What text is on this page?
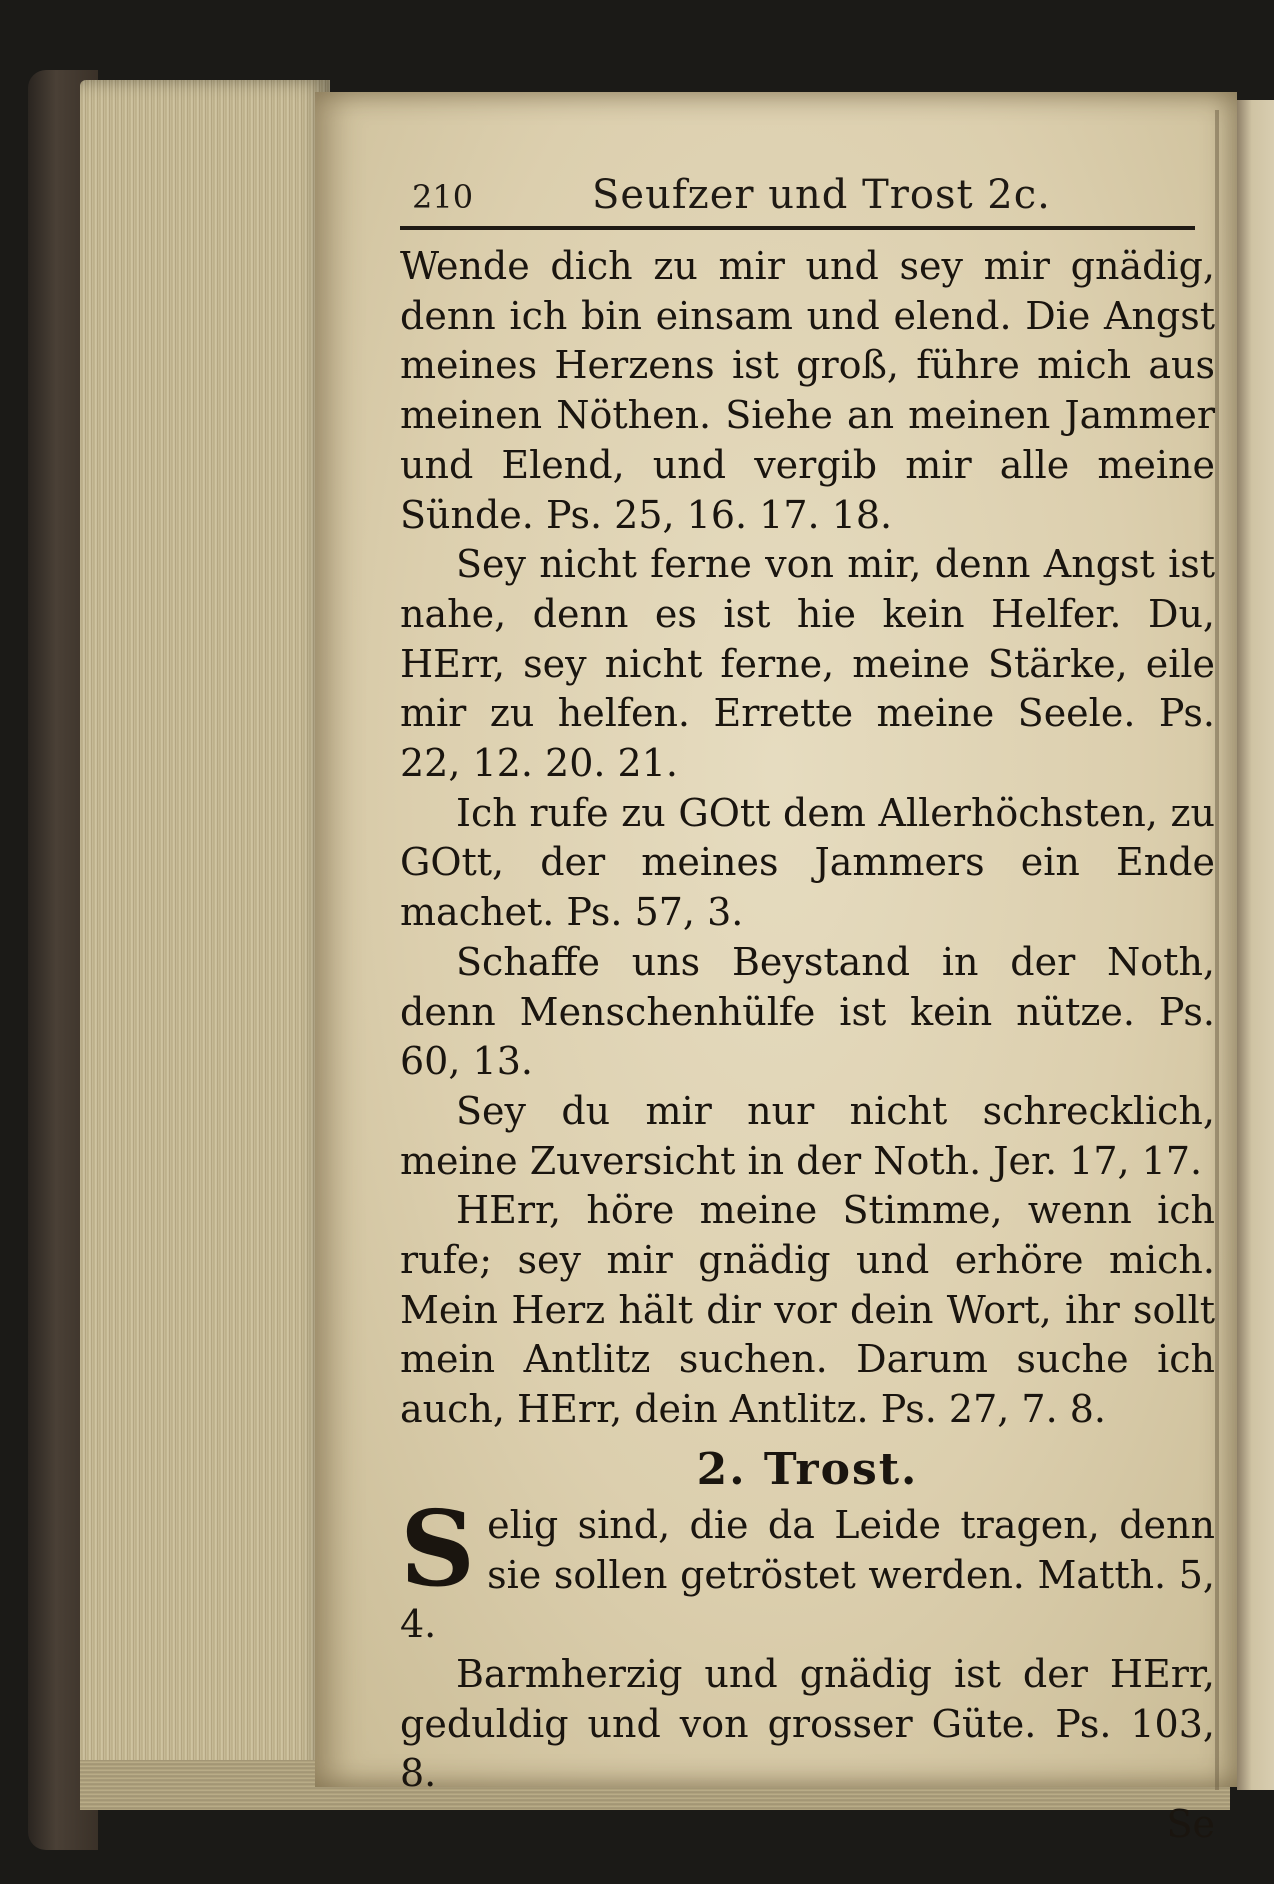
210	Seufzer und Trost 2c.

Wende dich zu mir und sey mir gnädig, denn ich bin einsam und elend. Die Angst meines Herzens ist groß, führe mich aus meinen Nöthen. Siehe an meinen Jammer und Elend, und vergib mir alle meine Sünde. Ps. 25, 16. 17. 18.

Sey nicht ferne von mir, denn Angst ist nahe, denn es ist hie kein Helfer. Du, HErr, sey nicht ferne, meine Stärke, eile mir zu helfen. Errette meine Seele. Ps. 22, 12. 20. 21.

Ich rufe zu GOtt dem Allerhöchsten, zu GOtt, der meines Jammers ein Ende machet. Ps. 57, 3.

Schaffe uns Beystand in der Noth, denn Menschenhülfe ist kein nütze. Ps. 60, 13.

Sey du mir nur nicht schrecklich, meine Zuversicht in der Noth. Jer. 17, 17.

HErr, höre meine Stimme, wenn ich rufe; sey mir gnädig und erhöre mich. Mein Herz hält dir vor dein Wort, ihr sollt mein Antlitz suchen. Darum suche ich auch, HErr, dein Antlitz. Ps. 27, 7. 8.

2. Trost.

Selig sind, die da Leide tragen, denn sie sollen getröstet werden. Matth. 5, 4.

Barmherzig und gnädig ist der HErr, geduldig und von grosser Güte. Ps. 103, 8.

Se
